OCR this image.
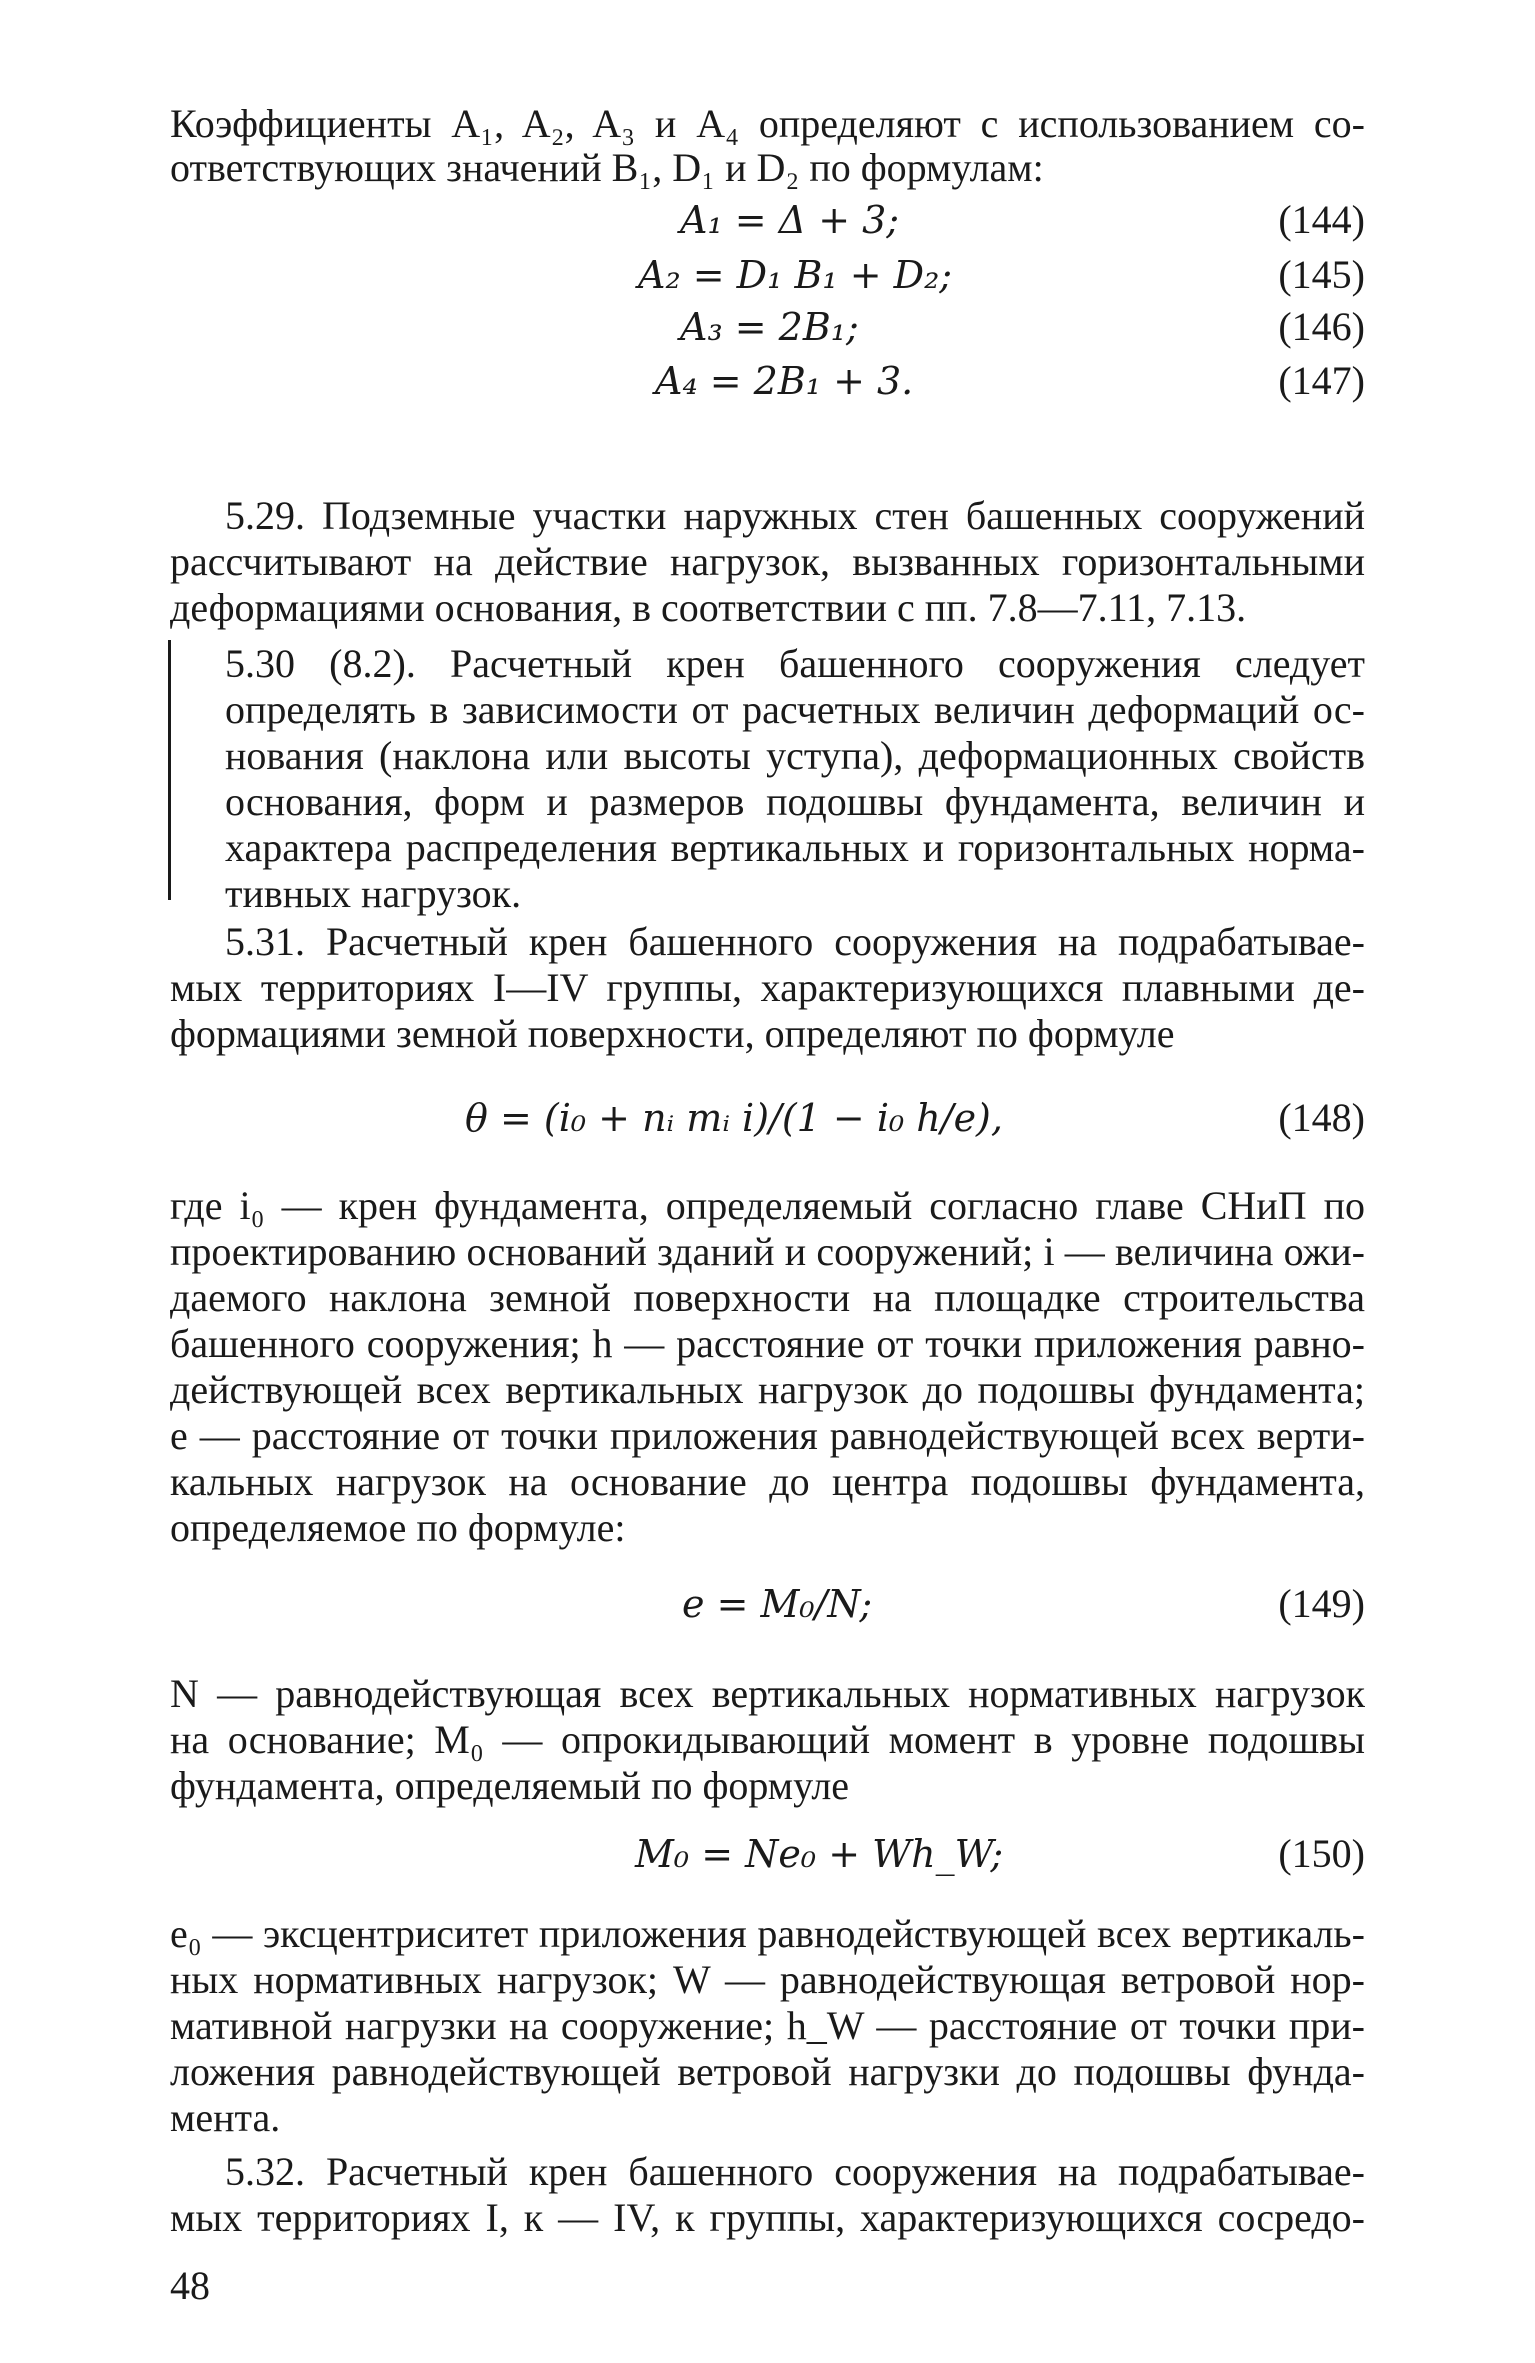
Коэффициенты A₁, A₂, A₃ и A₄ определяют с использованием со-
ответствующих значений B₁, D₁ и D₂ по формулам:
A₁ = Δ + 3;	(144)
A₂ = D₁ B₁ + D₂;	(145)
A₃ = 2B₁;	(146)
A₄ = 2B₁ + 3.	(147)
5.29. Подземные участки наружных стен башенных сооружений
рассчитывают на действие нагрузок, вызванных горизонтальными
деформациями основания, в соответствии с пп. 7.8—7.11, 7.13.
5.30 (8.2). Расчетный крен башенного сооружения следует
определять в зависимости от расчетных величин деформаций ос-
нования (наклона или высоты уступа), деформационных свойств
основания, форм и размеров подошвы фундамента, величин и
характера распределения вертикальных и горизонтальных норма-
тивных нагрузок.
5.31. Расчетный крен башенного сооружения на подрабатывае-
мых территориях I—IV группы, характеризующихся плавными де-
формациями земной поверхности, определяют по формуле
θ = (i₀ + nᵢ mᵢ i)/(1 − i₀ h/e),	(148)
где i₀ — крен фундамента, определяемый согласно главе СНиП по
проектированию оснований зданий и сооружений; i — величина ожи-
даемого наклона земной поверхности на площадке строительства
башенного сооружения; h — расстояние от точки приложения равно-
действующей всех вертикальных нагрузок до подошвы фундамента;
e — расстояние от точки приложения равнодействующей всех верти-
кальных нагрузок на основание до центра подошвы фундамента,
определяемое по формуле:
e = M₀/N;	(149)
N — равнодействующая всех вертикальных нормативных нагрузок
на основание; M₀ — опрокидывающий момент в уровне подошвы
фундамента, определяемый по формуле
M₀ = Ne₀ + Wh_W;	(150)
e₀ — эксцентриситет приложения равнодействующей всех вертикаль-
ных нормативных нагрузок; W — равнодействующая ветровой нор-
мативной нагрузки на сооружение; h_W — расстояние от точки при-
ложения равнодействующей ветровой нагрузки до подошвы фунда-
мента.
5.32. Расчетный крен башенного сооружения на подрабатывае-
мых территориях I, к — IV, к группы, характеризующихся сосредо-
48
